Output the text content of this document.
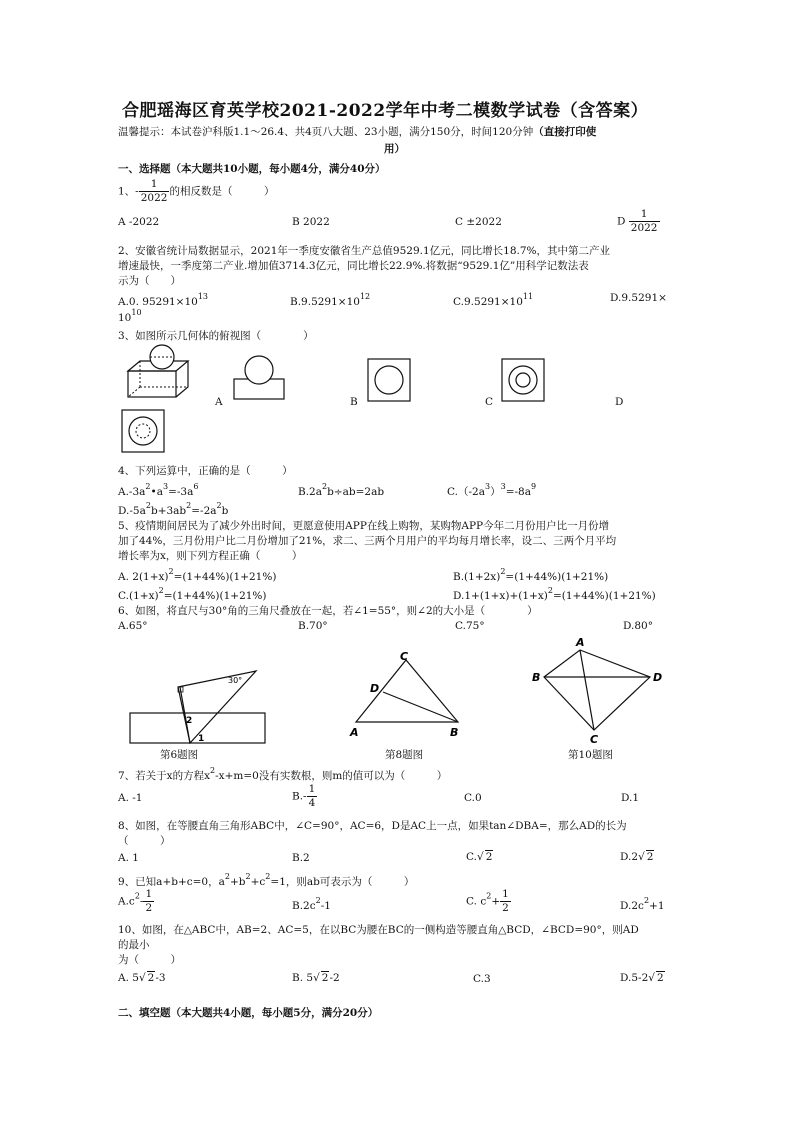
合肥瑶海区育英学校2021-2022学年中考二模数学试卷（含答案）
温馨提示：本试卷沪科版1.1～26.4、共4页八大题、23小题，满分150分，时间120分钟（直接打印使
用）
一、选择题（本大题共10小题，每小题4分，满分40分）
1、- $\frac{1}{2022}$ 的相反数是（　　　）
A -2022	B 2022	C ±2022	D $\frac{1}{2022}$
2、安徽省统计局数据显示，2021年一季度安徽省生产总值9529.1亿元，同比增长18.7%，其中第二产业
增速最快，一季度第二产业.增加值3714.3亿元，同比增长22.9%.将数据“9529.1亿”用科学记数法表
示为（　　）
A.0. $95291\times 10^{13}$	$B.9.5291\times 10^{12}$	$C.9.5291\times 10^{11}$	D.9.5291×
$10^{10}$
3、如图所示几何体的俯视图（　　　　）
A	B	C	D
4、下列运算中，正确的是（　　　）
$A.-3a^2•a^3=-3a^6$	$B.2a^2b\div ab=2ab$	$C.(-2a^3)^3=-8a^9$
$D.-5a^2b+3ab^2=-2a^2b$
5、疫情期间居民为了减少外出时间，更愿意使用APP在线上购物，某购物APP今年二月份用户比一月份增
加了44%，三月份用户比二月份增加了21%，求二、三两个月用户的平均每月增长率，设二、三两个月平均
增长率为x，则下列方程正确（　　　）
A. $2(1+x)^2=(1+44\%)(1+21\%)$	$B.(1+2x)^2=(1+44\%)(1+21\%)$
$C.(1+x)^2=(1+44\%)(1+21\%)$	$D.1+(1+x)+(1+x)^2=(1+44\%)(1+21\%)$
6、如图，将直尺与30°角的三角尺叠放在一起，若∠1=55°，则∠2的大小是（　　　　）
A.65°	B.70°	C.75°	D.80°
30°
2
1
第6题图
C
D
A	B
第8题图
A
B	D
C
第10题图
7、若关于x的方程$x^2-x+m=0$没有实数根，则m的值可以为（　　　）
A. -1	$B.- \frac{1}{4}$	C.0	D.1
8、如图，在等腰直角三角形ABC中，∠C=90°，AC=6，D是AC上一点，如果tan∠DBA=，那么AD的长为
（　　　）
A. 1	B.2	C.√ 2	D.2√ 2
9、已知a+b+c=0，$a^2+b^2+c^2=1$，则ab可表示为（　　　）
$A.c^2- \frac{1}{2}$	$B.2c^2-1$	C. $c^2+ \frac{1}{2}$	$D.2c^2+1$
10、如图，在△ABC中，AB=2、AC=5，在以BC为腰在BC的一侧构造等腰直角△BCD，∠BCD=90°，则AD
的最小
为（　　　）
A. 5√ 2-3	B. 5√ 2-2	C.3	D.5-2√ 2
二、填空题（本大题共4小题，每小题5分，满分20分）
